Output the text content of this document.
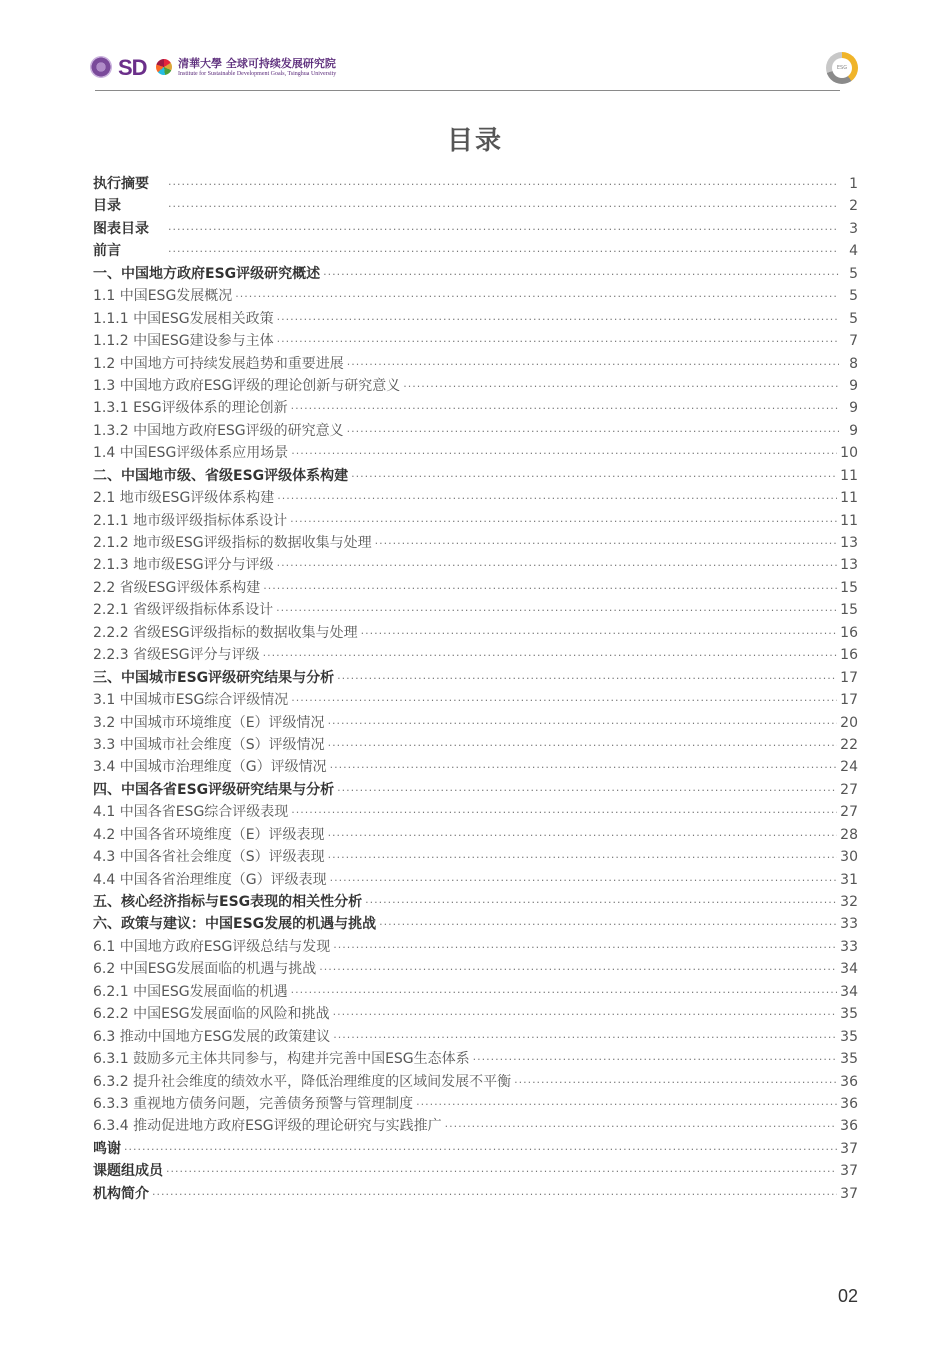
SD	清華大學 全球可持续发展研究院
Institute for Sustainable Development Goals, Tsinghua University
ESG
目录
执行摘要 ·····	1
目录 ·····	2
图表目录 ·····	3
前言 ·····	4
一、中国地方政府ESG评级研究概述 ·····	5
1.1 中国ESG发展概况 ·····	5
1.1.1 中国ESG发展相关政策 ·····	5
1.1.2 中国ESG建设参与主体 ·····	7
1.2 中国地方可持续发展趋势和重要进展 ·····	8
1.3 中国地方政府ESG评级的理论创新与研究意义 ·····	9
1.3.1 ESG评级体系的理论创新 ·····	9
1.3.2 中国地方政府ESG评级的研究意义 ·····	9
1.4 中国ESG评级体系应用场景 ·····	10
二、中国地市级、省级ESG评级体系构建 ·····	11
2.1 地市级ESG评级体系构建 ·····	11
2.1.1 地市级评级指标体系设计 ·····	11
2.1.2 地市级ESG评级指标的数据收集与处理 ·····	13
2.1.3 地市级ESG评分与评级 ·····	13
2.2 省级ESG评级体系构建 ·····	15
2.2.1 省级评级指标体系设计 ·····	15
2.2.2 省级ESG评级指标的数据收集与处理 ·····	16
2.2.3 省级ESG评分与评级 ·····	16
三、中国城市ESG评级研究结果与分析 ·····	17
3.1 中国城市ESG综合评级情况 ·····	17
3.2 中国城市环境维度（E）评级情况 ·····	20
3.3 中国城市社会维度（S）评级情况 ·····	22
3.4 中国城市治理维度（G）评级情况 ·····	24
四、中国各省ESG评级研究结果与分析 ·····	27
4.1 中国各省ESG综合评级表现 ·····	27
4.2 中国各省环境维度（E）评级表现 ·····	28
4.3 中国各省社会维度（S）评级表现 ·····	30
4.4 中国各省治理维度（G）评级表现 ·····	31
五、核心经济指标与ESG表现的相关性分析 ·····	32
六、政策与建议：中国ESG发展的机遇与挑战 ·····	33
6.1 中国地方政府ESG评级总结与发现 ·····	33
6.2 中国ESG发展面临的机遇与挑战 ·····	34
6.2.1 中国ESG发展面临的机遇 ·····	34
6.2.2 中国ESG发展面临的风险和挑战 ·····	35
6.3 推动中国地方ESG发展的政策建议 ·····	35
6.3.1 鼓励多元主体共同参与，构建并完善中国ESG生态体系 ·····	35
6.3.2 提升社会维度的绩效水平，降低治理维度的区域间发展不平衡 ·····	36
6.3.3 重视地方债务问题，完善债务预警与管理制度 ·····	36
6.3.4 推动促进地方政府ESG评级的理论研究与实践推广 ·····	36
鸣谢 ·····	37
课题组成员 ·····	37
机构简介 ·····	37
02
